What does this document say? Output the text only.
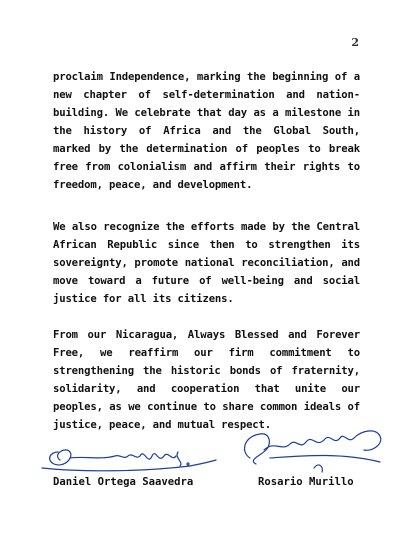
2

proclaim Independence, marking the beginning of a new chapter of self-determination and nation-building. We celebrate that day as a milestone in the history of Africa and the Global South, marked by the determination of peoples to break free from colonialism and affirm their rights to freedom, peace, and development.

We also recognize the efforts made by the Central African Republic since then to strengthen its sovereignty, promote national reconciliation, and move toward a future of well-being and social justice for all its citizens.

From our Nicaragua, Always Blessed and Forever Free, we reaffirm our firm commitment to strengthening the historic bonds of fraternity, solidarity, and cooperation that unite our peoples, as we continue to share common ideals of justice, peace, and mutual respect.

Daniel Ortega Saavedra	Rosario Murillo
